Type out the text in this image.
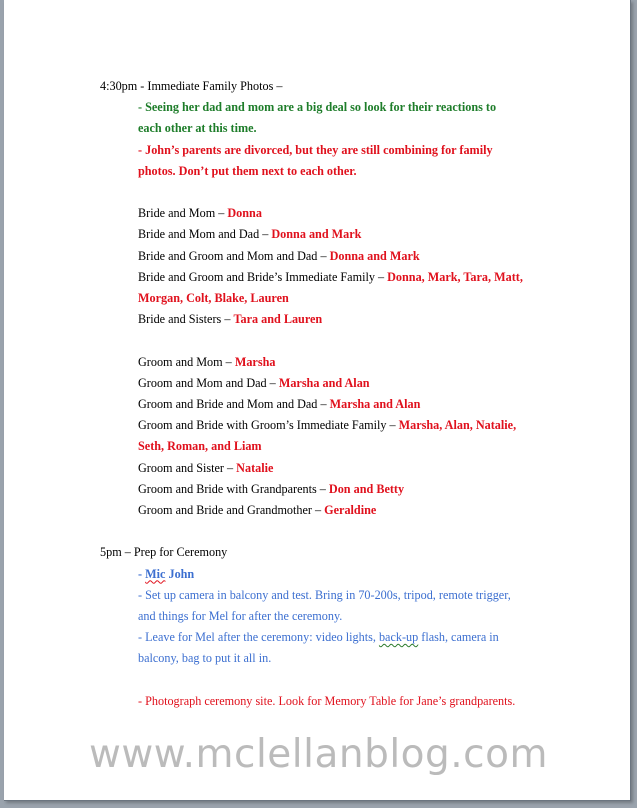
4:30pm - Immediate Family Photos –
- Seeing her dad and mom are a big deal so look for their reactions to
each other at this time.
- John’s parents are divorced, but they are still combining for family
photos. Don’t put them next to each other.
Bride and Mom – Donna
Bride and Mom and Dad – Donna and Mark
Bride and Groom and Mom and Dad – Donna and Mark
Bride and Groom and Bride’s Immediate Family – Donna, Mark, Tara, Matt,
Morgan, Colt, Blake, Lauren
Bride and Sisters – Tara and Lauren
Groom and Mom – Marsha
Groom and Mom and Dad – Marsha and Alan
Groom and Bride and Mom and Dad – Marsha and Alan
Groom and Bride with Groom’s Immediate Family – Marsha, Alan, Natalie,
Seth, Roman, and Liam
Groom and Sister – Natalie
Groom and Bride with Grandparents – Don and Betty
Groom and Bride and Grandmother – Geraldine
5pm – Prep for Ceremony
- Mic John
- Set up camera in balcony and test. Bring in 70-200s, tripod, remote trigger,
and things for Mel for after the ceremony.
- Leave for Mel after the ceremony: video lights, back-up flash, camera in
balcony, bag to put it all in.
- Photograph ceremony site. Look for Memory Table for Jane’s grandparents.
www.mclellanblog.com
